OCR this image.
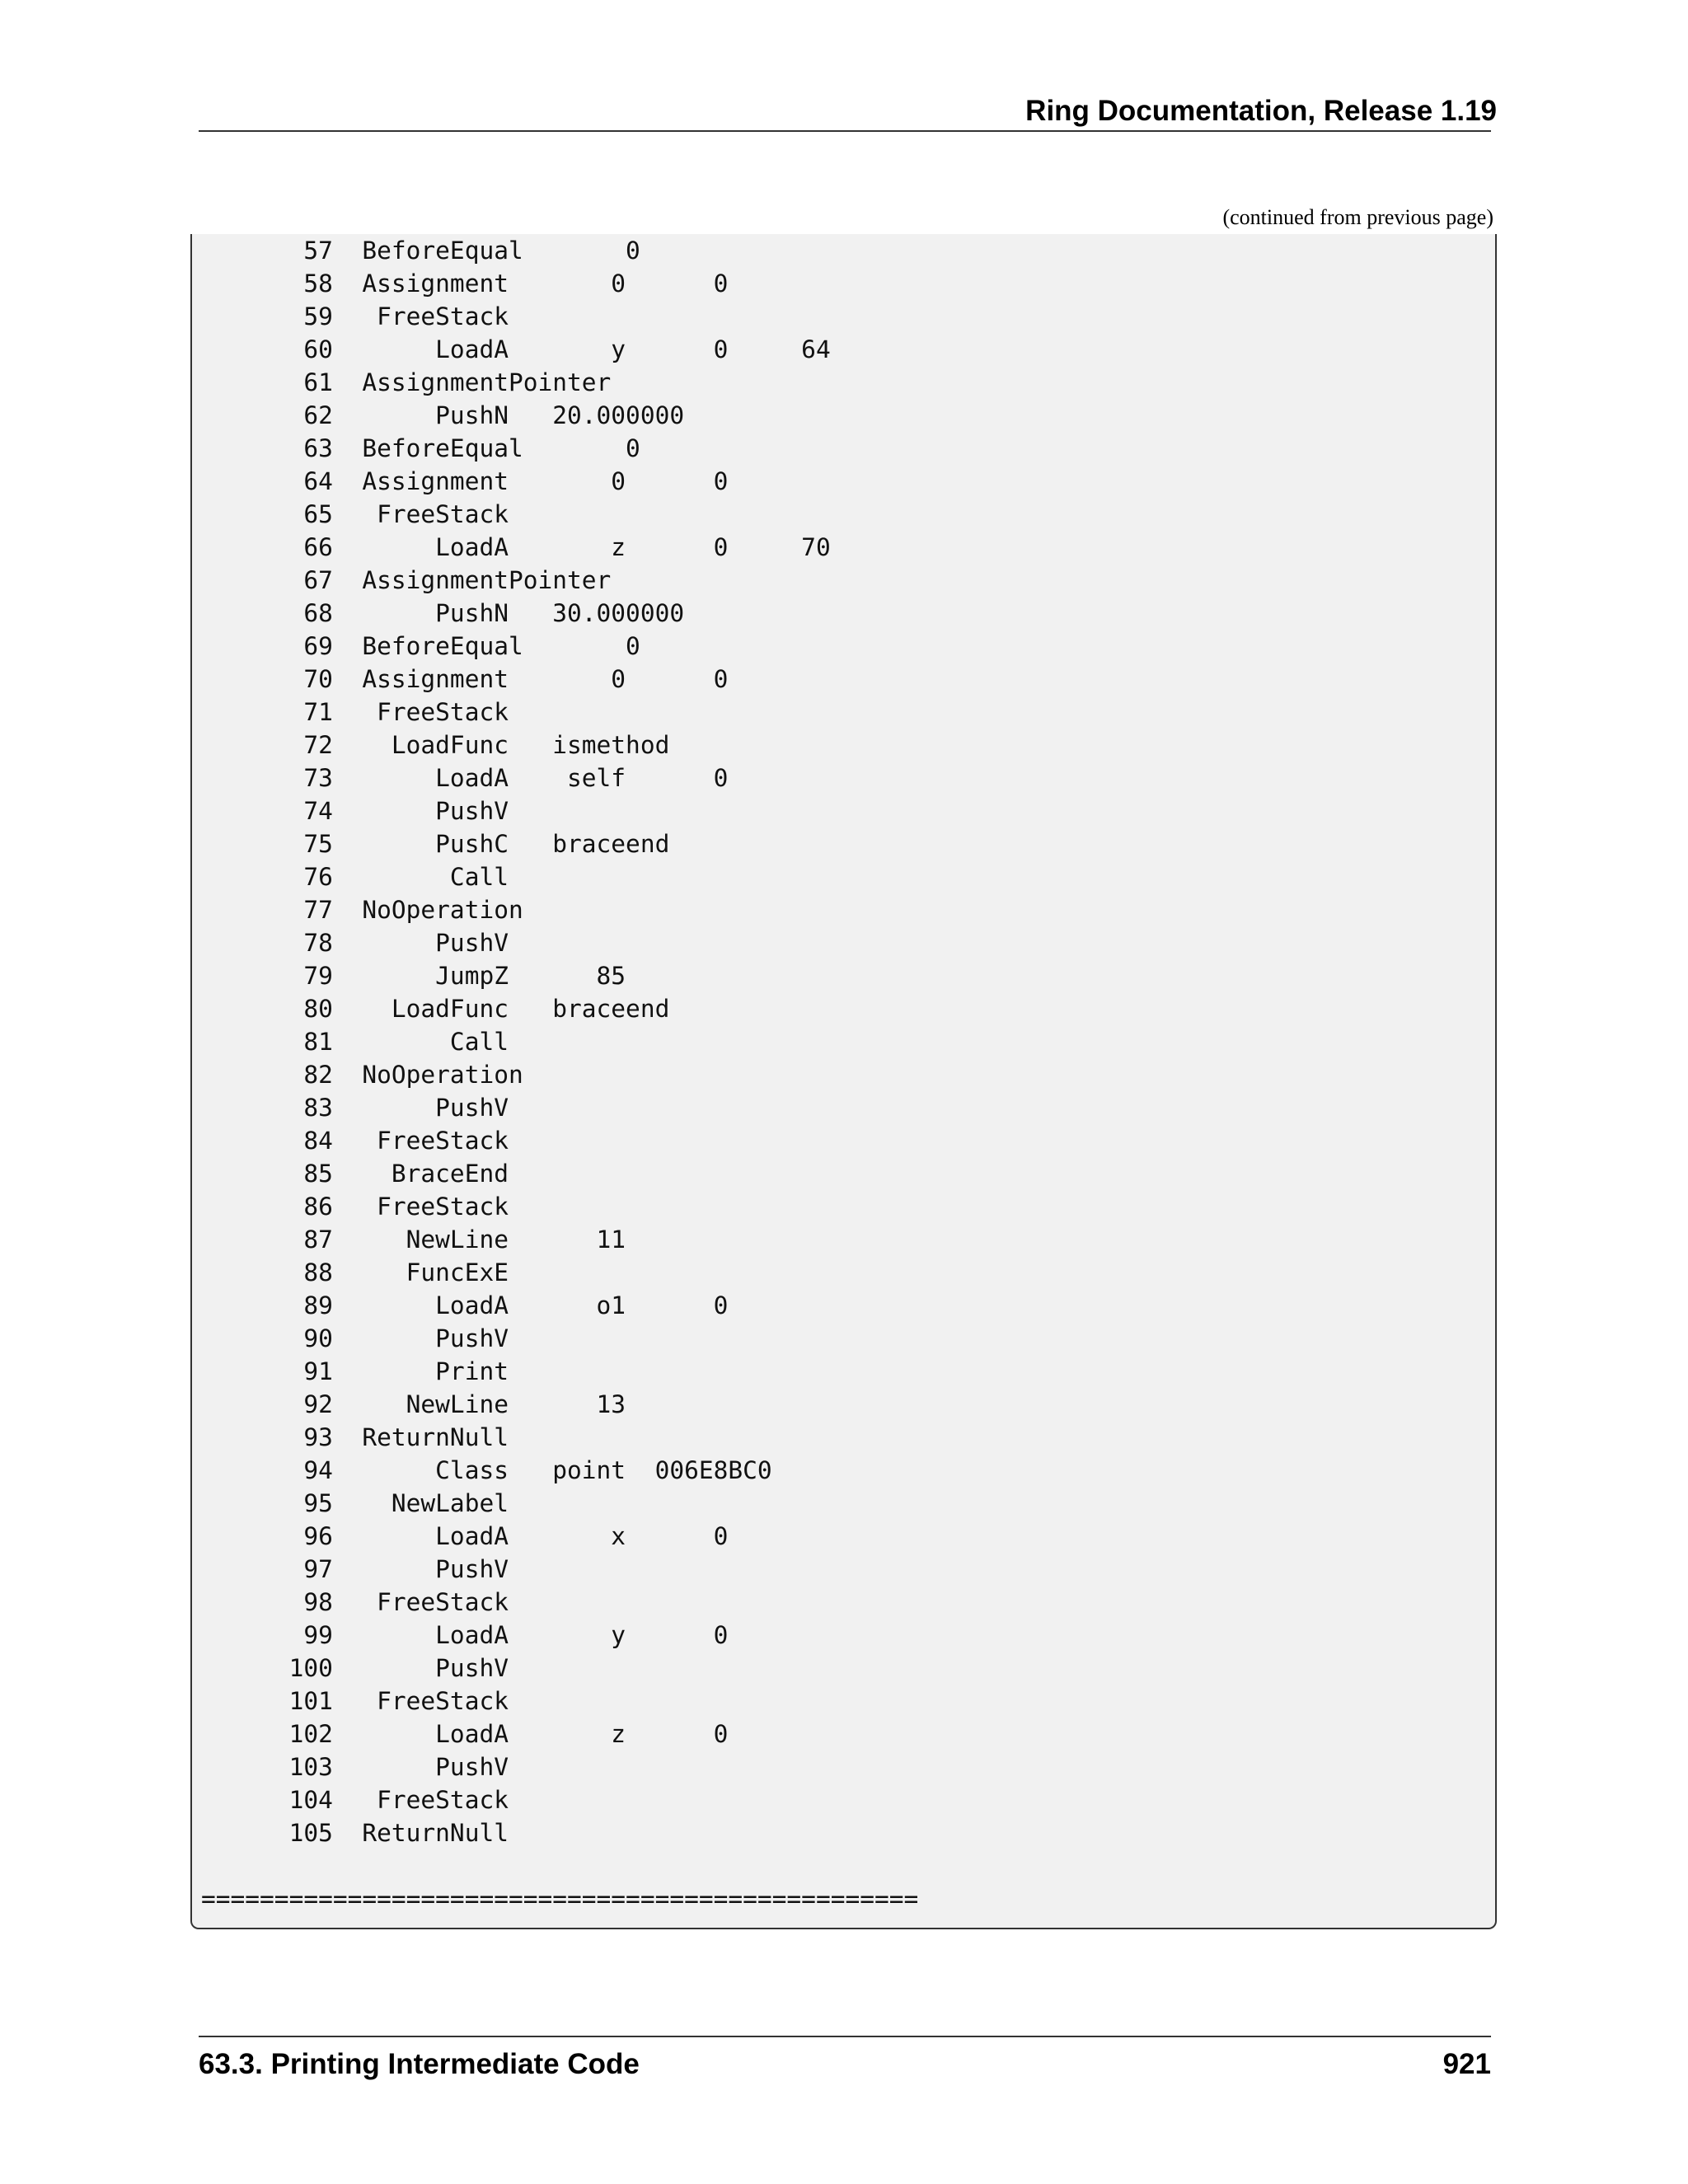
Ring Documentation, Release 1.19
(continued from previous page)
57  BeforeEqual       0
58  Assignment       0      0
59   FreeStack
60       LoadA       y      0     64
61  AssignmentPointer
62       PushN   20.000000
63  BeforeEqual       0
64  Assignment       0      0
65   FreeStack
66       LoadA       z      0     70
67  AssignmentPointer
68       PushN   30.000000
69  BeforeEqual       0
70  Assignment       0      0
71   FreeStack
72    LoadFunc   ismethod
73       LoadA    self      0
74       PushV
75       PushC   braceend
76        Call
77  NoOperation
78       PushV
79       JumpZ      85
80    LoadFunc   braceend
81        Call
82  NoOperation
83       PushV
84   FreeStack
85    BraceEnd
86   FreeStack
87     NewLine      11
88     FuncExE
89       LoadA      o1      0
90       PushV
91       Print
92     NewLine      13
93  ReturnNull
94       Class   point  006E8BC0
95    NewLabel
96       LoadA       x      0
97       PushV
98   FreeStack
99       LoadA       y      0
100       PushV
101   FreeStack
102       LoadA       z      0
103       PushV
104   FreeStack
105  ReturnNull
=================================================
63.3. Printing Intermediate Code	921
